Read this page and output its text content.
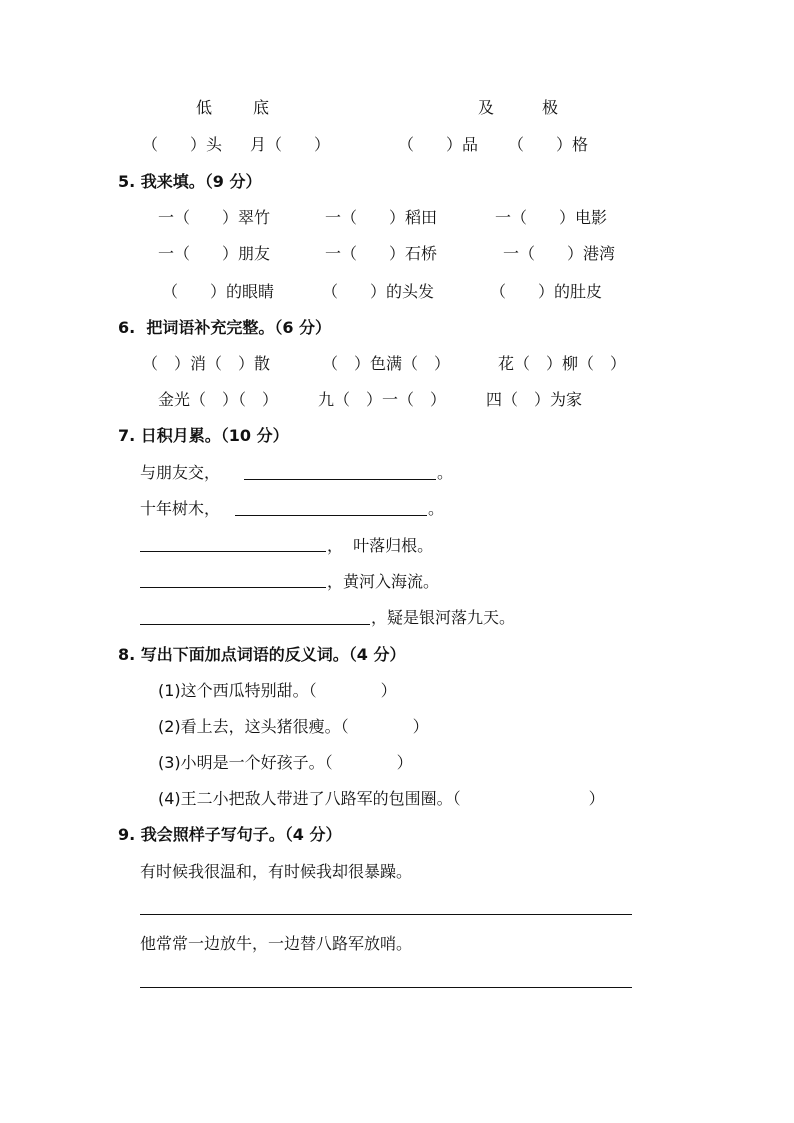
低	底	及	极
（　　）头 月（　　）	（　　）品 （　　）格
5. 我来填。（9 分）
一（　　）翠竹	一（　　）稻田	一（　　）电影
一（　　）朋友	一（　　）石桥	一（　　）港湾
（　　）的眼睛	（　　）的头发	（　　）的肚皮
6.  把词语补充完整。（6 分）
（　）消（　）散	（　）色满（　）	花（　）柳（　）
金光（　）（　） 九（　）一（　） 四（　）为家
7. 日积月累。（10 分）
与朋友交，	。
十年树木，	。
，  叶落归根。
，黄河入海流。
，疑是银河落九天。
8. 写出下面加点词语的反义词。（4 分）
(1)这个西瓜特别甜。（　　　　）
(2)看上去，这头猪很瘦。（　　　　）
(3)小明是一个好孩子。（　　　　）
(4)王二小把敌人带进了八路军的包围圈。（　　　　　　　　）
9. 我会照样子写句子。（4 分）
有时候我很温和，有时候我却很暴躁。
他常常一边放牛，一边替八路军放哨。
